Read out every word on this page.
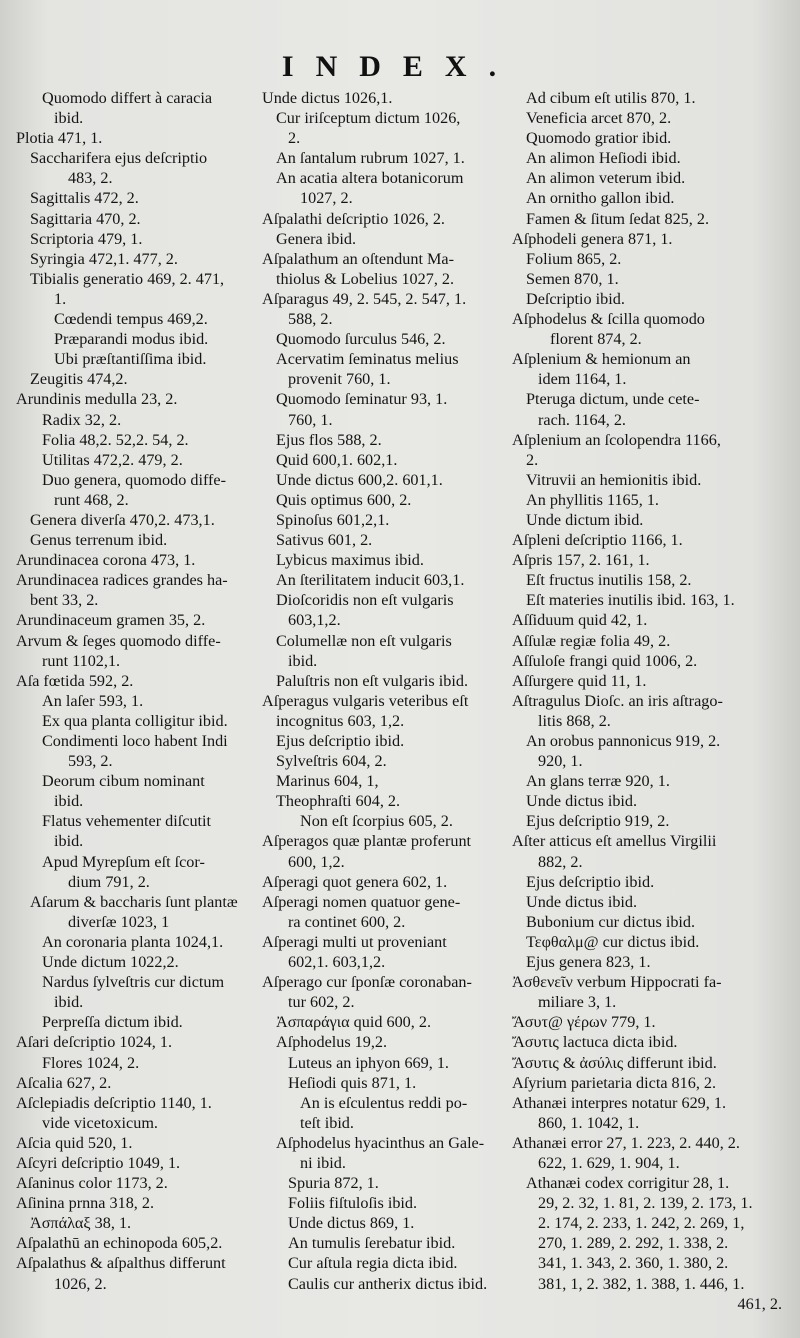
INDEX.
Quomodo differt à caracia
ibid.
Plotia 471, 1.
Saccharifera ejus deſcriptio
483, 2.
Sagittalis 472, 2.
Sagittaria 470, 2.
Scriptoria 479, 1.
Syringia 472,1. 477, 2.
Tibialis generatio 469, 2. 471,
1.
Cœdendi tempus 469,2.
Præparandi modus ibid.
Ubi præſtantiſſima ibid.
Zeugitis 474,2.
Arundinis medulla 23, 2.
Radix 32, 2.
Folia 48,2. 52,2. 54, 2.
Utilitas 472,2. 479, 2.
Duo genera, quomodo diffe-
runt 468, 2.
Genera diverſa 470,2. 473,1.
Genus terrenum ibid.
Arundinacea corona 473, 1.
Arundinacea radices grandes ha-
bent 33, 2.
Arundinaceum gramen 35, 2.
Arvum & ſeges quomodo diffe-
runt 1102,1.
Aſa fœtida 592, 2.
An laſer 593, 1.
Ex qua planta colligitur ibid.
Condimenti loco habent Indi
593, 2.
Deorum cibum nominant
ibid.
Flatus vehementer diſcutit
ibid.
Apud Myrepſum eſt ſcor-
dium 791, 2.
Aſarum & baccharis ſunt plantæ
diverſæ 1023, 1
An coronaria planta 1024,1.
Unde dictum 1022,2.
Nardus ſylveſtris cur dictum
ibid.
Perpreſſa dictum ibid.
Aſari deſcriptio 1024, 1.
Flores 1024, 2.
Aſcalia 627, 2.
Aſclepiadis deſcriptio 1140, 1.
vide vicetoxicum.
Aſcia quid 520, 1.
Aſcyri deſcriptio 1049, 1.
Aſaninus color 1173, 2.
Aſinina prnna 318, 2.
Ἀσπάλαξ 38, 1.
Aſpalathū an echinopoda 605,2.
Aſpalathus & aſpalthus differunt
1026, 2.
Unde dictus 1026,1.
Cur iriſceptum dictum 1026,
2.
An ſantalum rubrum 1027, 1.
An acatia altera botanicorum
1027, 2.
Aſpalathi deſcriptio 1026, 2.
Genera ibid.
Aſpalathum an oſtendunt Ma-
thiolus & Lobelius 1027, 2.
Aſparagus 49, 2. 545, 2. 547, 1.
588, 2.
Quomodo ſurculus 546, 2.
Acervatim ſeminatus melius
provenit 760, 1.
Quomodo ſeminatur 93, 1.
760, 1.
Ejus flos 588, 2.
Quid 600,1. 602,1.
Unde dictus 600,2. 601,1.
Quis optimus 600, 2.
Spinoſus 601,2,1.
Sativus 601, 2.
Lybicus maximus ibid.
An ſterilitatem inducit 603,1.
Dioſcoridis non eſt vulgaris
603,1,2.
Columellæ non eſt vulgaris
ibid.
Paluſtris non eſt vulgaris ibid.
Aſperagus vulgaris veteribus eſt
incognitus 603, 1,2.
Ejus deſcriptio ibid.
Sylveſtris 604, 2.
Marinus 604, 1,
Theophraſti 604, 2.
Non eſt ſcorpius 605, 2.
Aſperagos quæ plantæ proferunt
600, 1,2.
Aſperagi quot genera 602, 1.
Aſperagi nomen quatuor gene-
ra continet 600, 2.
Aſperagi multi ut proveniant
602,1. 603,1,2.
Aſperago cur ſponſæ coronaban-
tur 602, 2.
Ἀσπαράγια quid 600, 2.
Aſphodelus 19,2.
Luteus an iphyon 669, 1.
Heſiodi quis 871, 1.
An is eſculentus reddi po-
teſt ibid.
Aſphodelus hyacinthus an Gale-
ni ibid.
Spuria 872, 1.
Foliis fiſtuloſis ibid.
Unde dictus 869, 1.
An tumulis ſerebatur ibid.
Cur aſtula regia dicta ibid.
Caulis cur antherix dictus ibid.
Ad cibum eſt utilis 870, 1.
Veneficia arcet 870, 2.
Quomodo gratior ibid.
An alimon Heſiodi ibid.
An alimon veterum ibid.
An ornitho gallon ibid.
Famen & ſitum ſedat 825, 2.
Aſphodeli genera 871, 1.
Folium 865, 2.
Semen 870, 1.
Deſcriptio ibid.
Aſphodelus & ſcilla quomodo
florent 874, 2.
Aſplenium & hemionum an
idem 1164, 1.
Pteruga dictum, unde cete-
rach. 1164, 2.
Aſplenium an ſcolopendra 1166,
2.
Vitruvii an hemionitis ibid.
An phyllitis 1165, 1.
Unde dictum ibid.
Aſpleni deſcriptio 1166, 1.
Aſpris 157, 2. 161, 1.
Eſt fructus inutilis 158, 2.
Eſt materies inutilis ibid. 163, 1.
Aſſiduum quid 42, 1.
Aſſulæ regiæ folia 49, 2.
Aſſuloſe frangi quid 1006, 2.
Aſſurgere quid 11, 1.
Aſtragulus Dioſc. an iris aſtrago-
litis 868, 2.
An orobus pannonicus 919, 2.
920, 1.
An glans terræ 920, 1.
Unde dictus ibid.
Ejus deſcriptio 919, 2.
Aſter atticus eſt amellus Virgilii
882, 2.
Ejus deſcriptio ibid.
Unde dictus ibid.
Bubonium cur dictus ibid.
Τεφθαλμ@ cur dictus ibid.
Ejus genera 823, 1.
Ἀσθενεῖν verbum Hippocrati fa-
miliare 3, 1.
Ἄσυτ@ γέρων 779, 1.
Ἄσυτις lactuca dicta ibid.
Ἄσυτις & ἀσύλις differunt ibid.
Aſyrium parietaria dicta 816, 2.
Athanæi interpres notatur 629, 1.
860, 1. 1042, 1.
Athanæi error 27, 1. 223, 2. 440, 2.
622, 1. 629, 1. 904, 1.
Athanæi codex corrigitur 28, 1.
29, 2. 32, 1. 81, 2. 139, 2. 173, 1.
2. 174, 2. 233, 1. 242, 2. 269, 1,
270, 1. 289, 2. 292, 1. 338, 2.
341, 1. 343, 2. 360, 1. 380, 2.
381, 1, 2. 382, 1. 388, 1. 446, 1.
461, 2.
